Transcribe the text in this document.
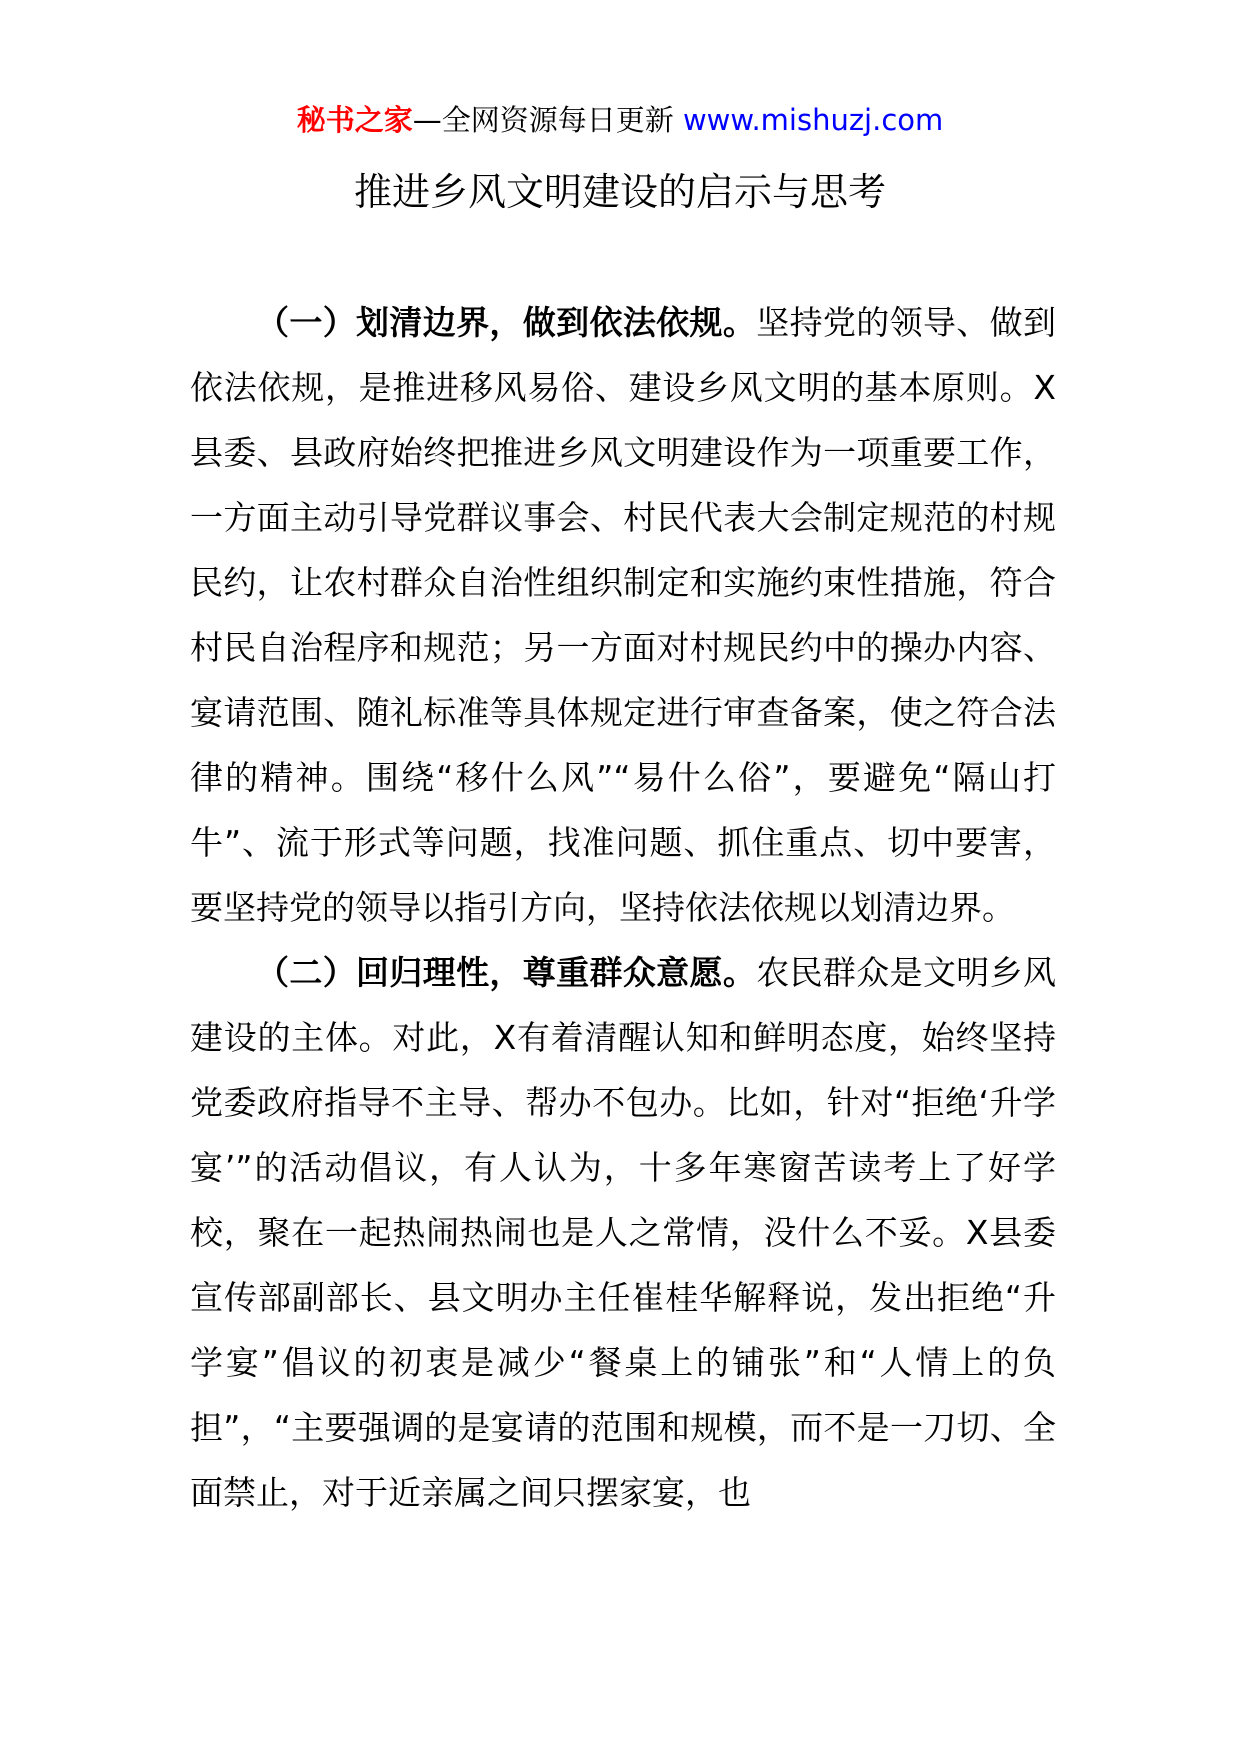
秘书之家—全网资源每日更新 www.mishuzj.com
推进乡风文明建设的启示与思考

（一）划清边界，做到依法依规。坚持党的领导、做到依法依规，是推进移风易俗、建设乡风文明的基本原则。X县委、县政府始终把推进乡风文明建设作为一项重要工作，一方面主动引导党群议事会、村民代表大会制定规范的村规民约，让农村群众自治性组织制定和实施约束性措施，符合村民自治程序和规范；另一方面对村规民约中的操办内容、宴请范围、随礼标准等具体规定进行审查备案，使之符合法律的精神。围绕“移什么风”“易什么俗”，要避免“隔山打牛”、流于形式等问题，找准问题、抓住重点、切中要害，要坚持党的领导以指引方向，坚持依法依规以划清边界。

（二）回归理性，尊重群众意愿。农民群众是文明乡风建设的主体。对此，X有着清醒认知和鲜明态度，始终坚持党委政府指导不主导、帮办不包办。比如，针对“拒绝‘升学宴’”的活动倡议，有人认为，十多年寒窗苦读考上了好学校，聚在一起热闹热闹也是人之常情，没什么不妥。X县委宣传部副部长、县文明办主任崔桂华解释说，发出拒绝“升学宴”倡议的初衷是减少“餐桌上的铺张”和“人情上的负担”，“主要强调的是宴请的范围和规模，而不是一刀切、全面禁止，对于近亲属之间只摆家宴，也
